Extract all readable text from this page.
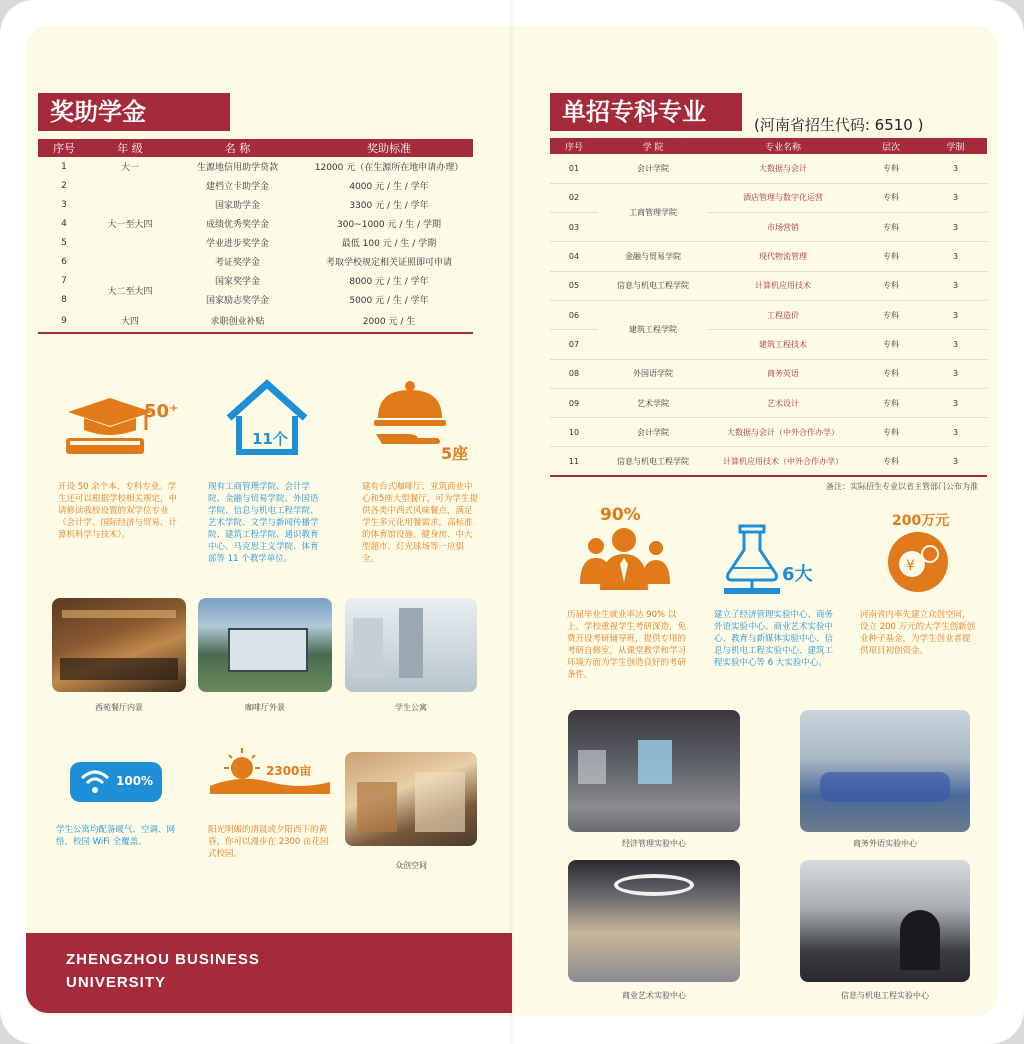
奖助学金
序号	年 级	名 称	奖助标准
1	大一	生源地信用助学贷款	12000 元（在生源所在地申请办理）
2	大一至大四	建档立卡助学金	4000 元 / 生 / 学年
3		国家助学金	3300 元 / 生 / 学年
4		成绩优秀奖学金	300~1000 元 / 生 / 学期
5		学业进步奖学金	最低 100 元 / 生 / 学期
6		考证奖学金	考取学校规定相关证照即可申请
7	大二至大四	国家奖学金	8000 元 / 生 / 学年
8		国家励志奖学金	5000 元 / 生 / 学年
9	大四	求职创业补贴	2000 元 / 生
50⁺
开设 50 余个本、专科专业。学生还可以根据学校相关规定，申请修读我校设置的双学位专业（会计学、国际经济与贸易、计算机科学与技术）。
11个
现有工商管理学院、会计学院、金融与贸易学院、外国语学院、信息与机电工程学院、艺术学院、文学与新闻传播学院、建筑工程学院、通识教育中心、马克思主义学院、体育部等 11 个教学单位。
5座
建有台式咖啡厅、亚筑商业中心和5座大型餐厅，可为学生提供各类中西式风味餐点，满足学生多元化用餐需求。高标准的体育馆设施、健身房、中大型超市、灯光球场等一应俱全。
西苑餐厅内景	咖啡厅外景	学生公寓
100%
学生公寓均配备暖气、空调、网络，校园 WiFi 全覆盖。
2300亩
阳光明媚的清晨或夕阳西下的黄昏，你可以漫步在 2300 亩花园式校园。
众创空间
ZHENGZHOU BUSINESS
UNIVERSITY
单招专科专业	(河南省招生代码: 6510 )
序号	学 院	专业名称	层次	学制
01	会计学院	大数据与会计	专科	3
02	工商管理学院	酒店管理与数字化运营	专科	3
03		市场营销	专科	3
04	金融与贸易学院	现代物流管理	专科	3
05	信息与机电工程学院	计算机应用技术	专科	3
06	建筑工程学院	工程造价	专科	3
07		建筑工程技术	专科	3
08	外国语学院	商务英语	专科	3
09	艺术学院	艺术设计	专科	3
10	会计学院	大数据与会计（中外合作办学）	专科	3
11	信息与机电工程学院	计算机应用技术（中外合作办学）	专科	3
备注：实际招生专业以省主管部门公布为准
90%
历届毕业生就业率达 90% 以上。学校重视学生考研深造，免费开设考研辅导班，提供专用的考研自修室，从课堂教学和学习环境方面为学生创造良好的考研条件。
6大
建立了经济管理实验中心、商务外语实验中心、商业艺术实验中心、教育与新媒体实验中心、信息与机电工程实验中心、建筑工程实验中心等 6 大实验中心。
200万元
¥
河南省内率先建立众创空间，设立 200 万元的大学生创新创业种子基金，为学生创业者提供项目初创资金。
经济管理实验中心	商务外语实验中心
商业艺术实验中心	信息与机电工程实验中心
